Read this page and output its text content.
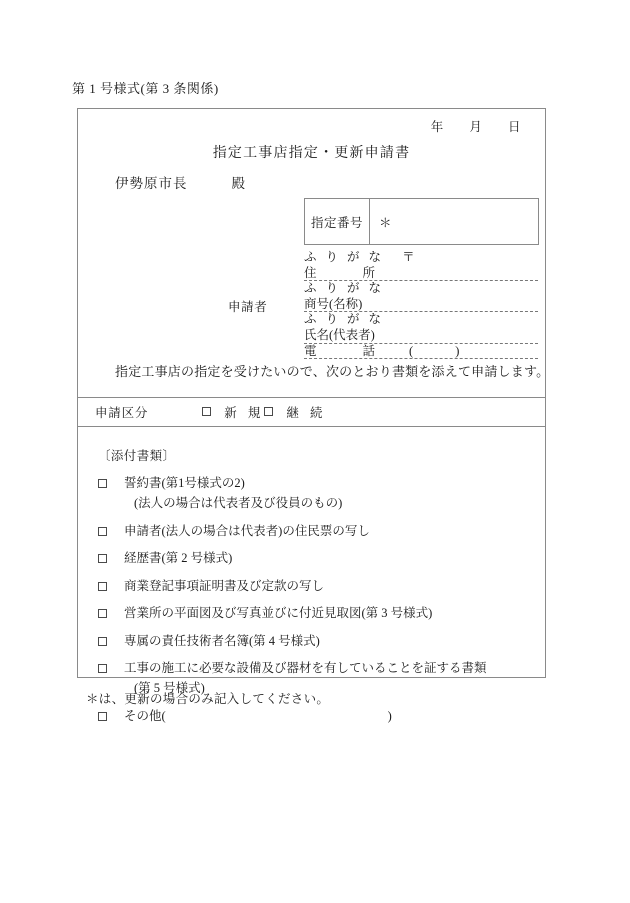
第 1 号様式(第 3 条関係)
年 月 日
指定工事店指定・更新申請書
伊勢原市長	殿
指定番号	＊
申請者
ふ り が な 〒
住	所
ふ り が な
商号(名称)
ふ り が な
氏名(代表者)
電	話	(	)
指定工事店の指定を受けたいので、次のとおり書類を添えて申請します。
申請区分	新 規 継 続
〔添付書類〕
誓約書(第1号様式の2)
(法人の場合は代表者及び役員のもの)
申請者(法人の場合は代表者)の住民票の写し
経歴書(第 2 号様式)
商業登記事項証明書及び定款の写し
営業所の平面図及び写真並びに付近見取図(第 3 号様式)
専属の責任技術者名簿(第 4 号様式)
工事の施工に必要な設備及び器材を有していることを証する書類
(第 5 号様式)
その他(	)
＊は、更新の場合のみ記入してください。
